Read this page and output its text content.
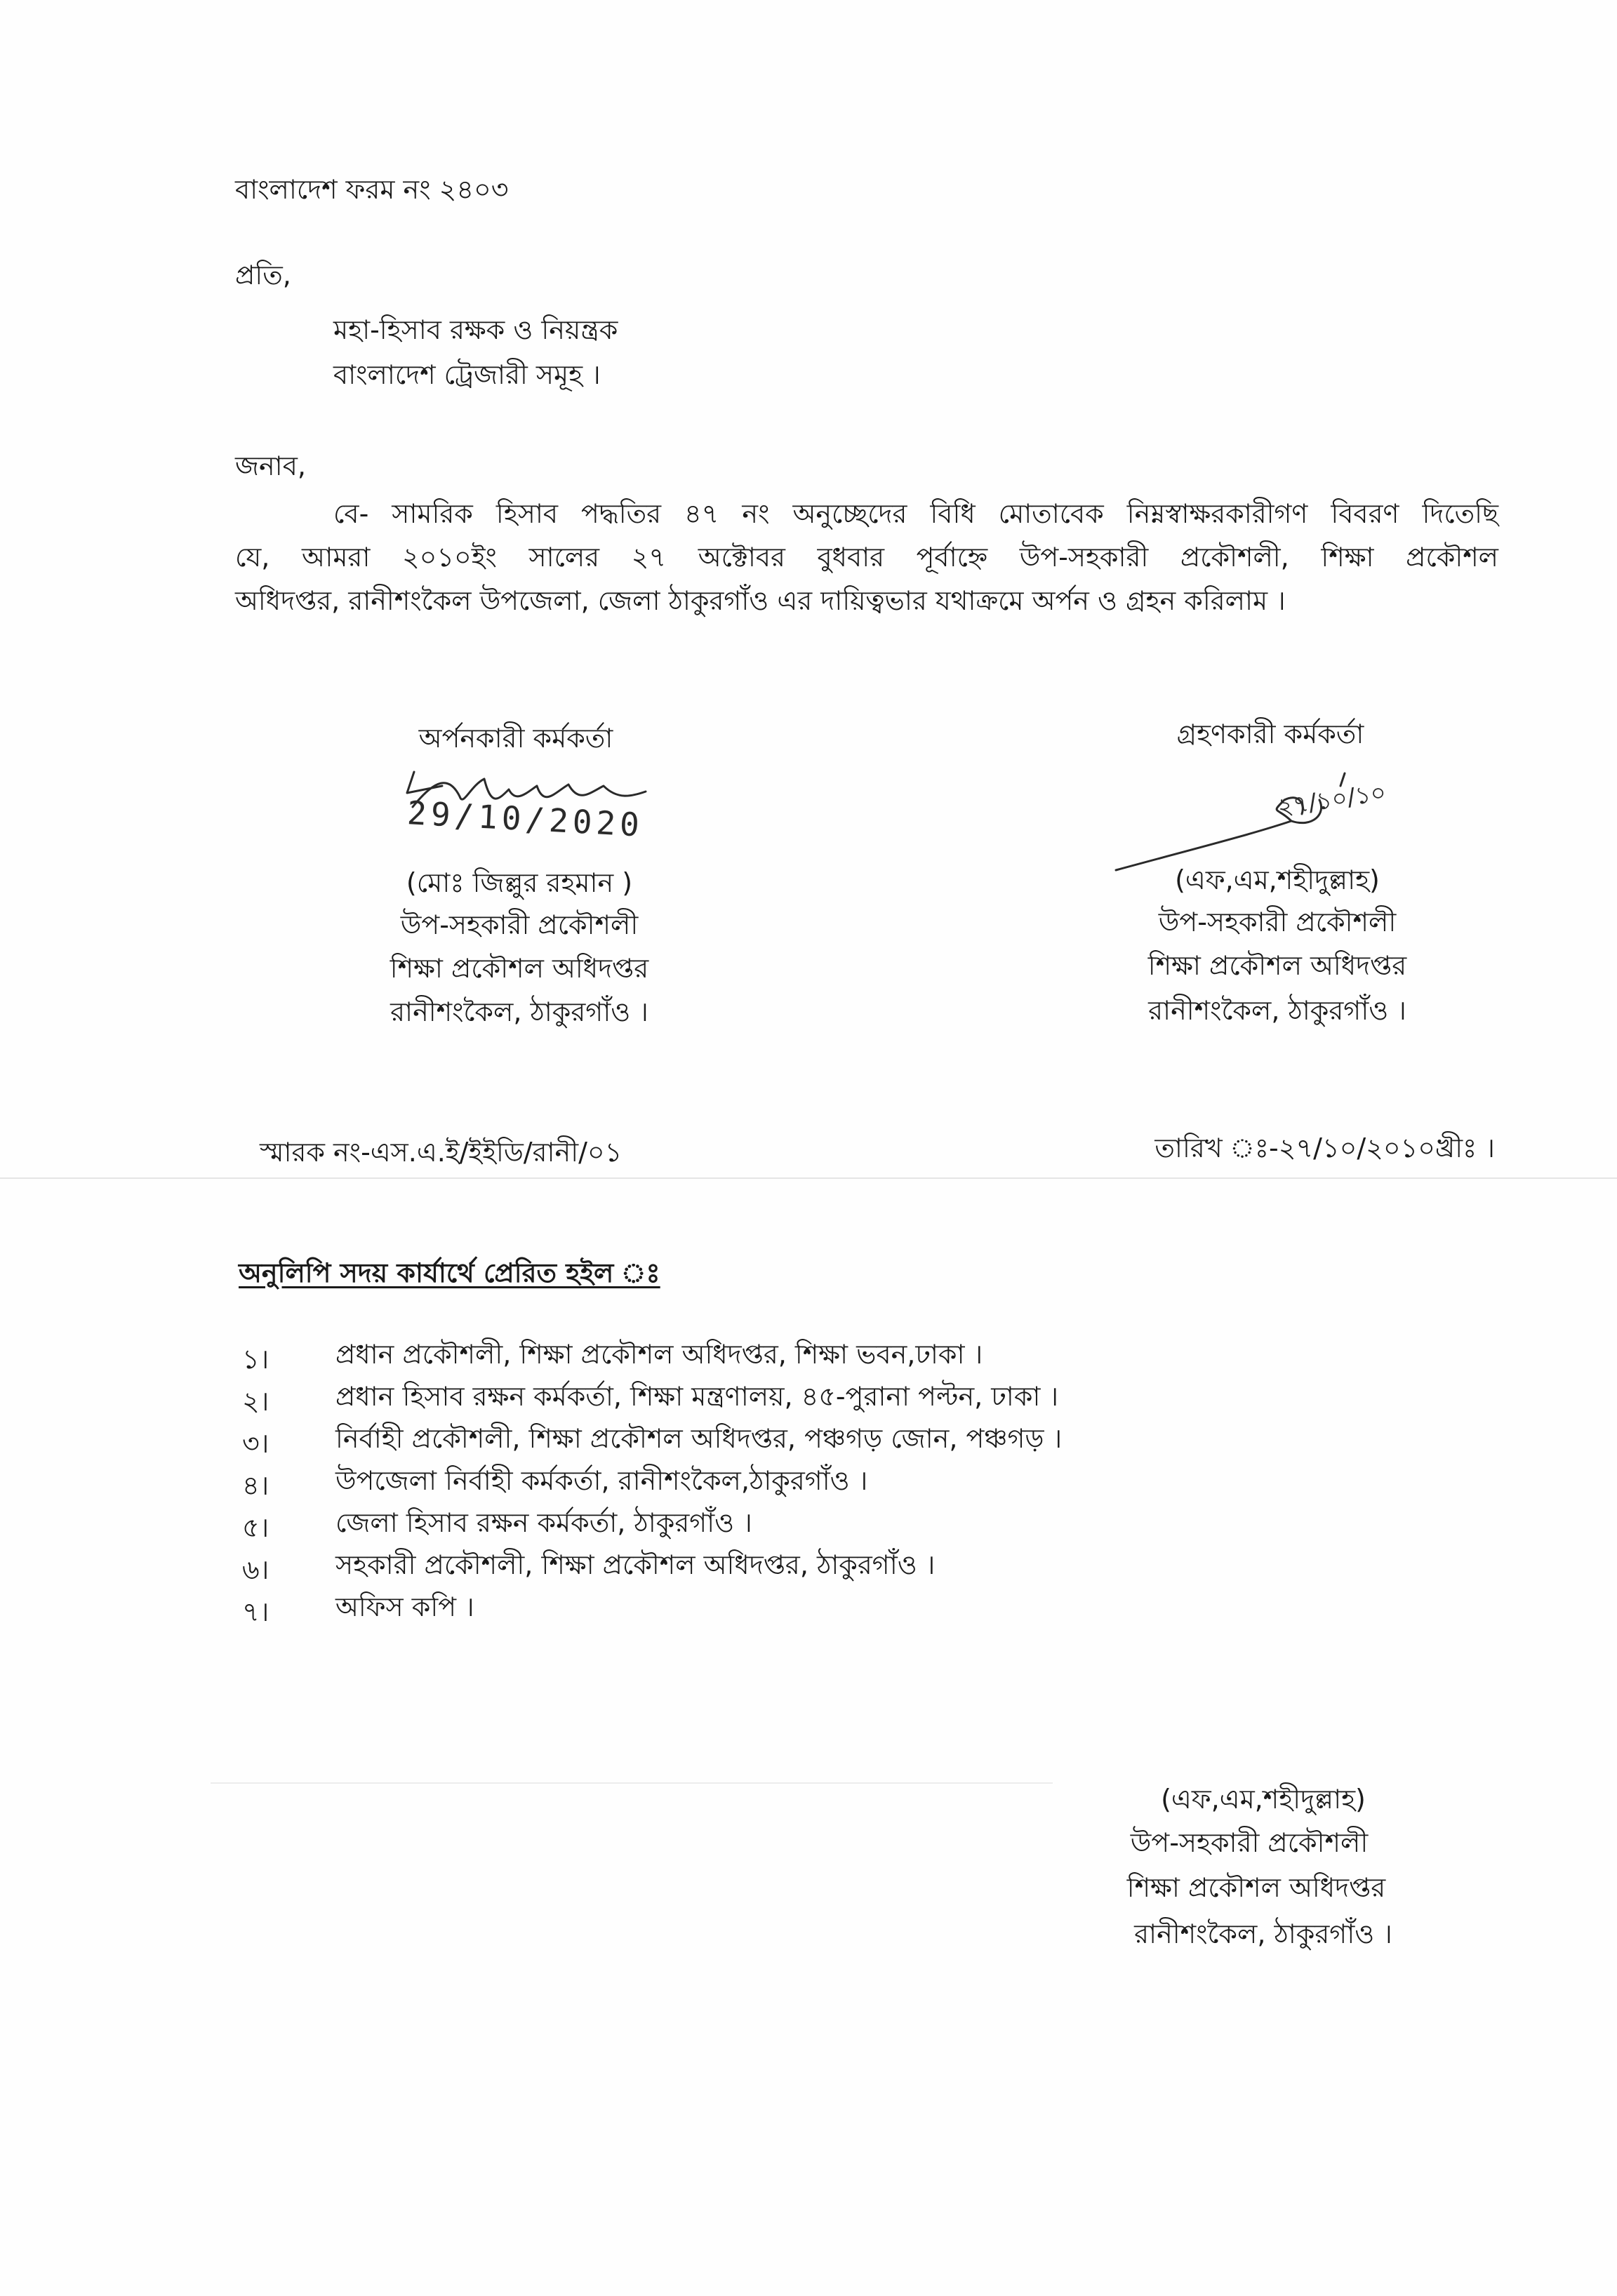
বাংলাদেশ ফরম নং ২৪০৩
প্রতি,
মহা-হিসাব রক্ষক ও নিয়ন্ত্রক
বাংলাদেশ ট্রেজারী সমূহ ।
জনাব,
বে- সামরিক হিসাব পদ্ধতির ৪৭ নং অনুচ্ছেদের বিধি মোতাবেক নিম্নস্বাক্ষরকারীগণ বিবরণ দিতেছি
যে, আমরা ২০১০ইং সালের ২৭ অক্টোবর বুধবার পূর্বাহ্নে উপ-সহকারী প্রকৌশলী, শিক্ষা প্রকৌশল
অধিদপ্তর, রানীশংকৈল উপজেলা, জেলা ঠাকুরগাঁও এর দায়িত্বভার যথাক্রমে অর্পন ও গ্রহন করিলাম ।
অর্পনকারী কর্মকর্তা
29/10/2020
(মোঃ জিল্লুর রহমান )
উপ-সহকারী প্রকৌশলী
শিক্ষা প্রকৌশল অধিদপ্তর
রানীশংকৈল, ঠাকুরগাঁও ।
গ্রহণকারী কর্মকর্তা
২৭/১০/১০
(এফ,এম,শহীদুল্লাহ)
উপ-সহকারী প্রকৌশলী
শিক্ষা প্রকৌশল অধিদপ্তর
রানীশংকৈল, ঠাকুরগাঁও ।
স্মারক নং-এস.এ.ই/ইইডি/রানী/০১	তারিখ ঃ-২৭/১০/২০১০খ্রীঃ ।
অনুলিপি সদয় কার্যার্থে প্রেরিত হইল ঃ
১। প্রধান প্রকৌশলী, শিক্ষা প্রকৌশল অধিদপ্তর, শিক্ষা ভবন,ঢাকা ।
২। প্রধান হিসাব রক্ষন কর্মকর্তা, শিক্ষা মন্ত্রণালয়, ৪৫-পুরানা পল্টন, ঢাকা ।
৩। নির্বাহী প্রকৌশলী, শিক্ষা প্রকৌশল অধিদপ্তর, পঞ্চগড় জোন, পঞ্চগড় ।
৪। উপজেলা নির্বাহী কর্মকর্তা, রানীশংকৈল,ঠাকুরগাঁও ।
৫। জেলা হিসাব রক্ষন কর্মকর্তা, ঠাকুরগাঁও ।
৬। সহকারী প্রকৌশলী, শিক্ষা প্রকৌশল অধিদপ্তর, ঠাকুরগাঁও ।
৭। অফিস কপি ।
(এফ,এম,শহীদুল্লাহ)
উপ-সহকারী প্রকৌশলী
শিক্ষা প্রকৌশল অধিদপ্তর
রানীশংকৈল, ঠাকুরগাঁও ।
